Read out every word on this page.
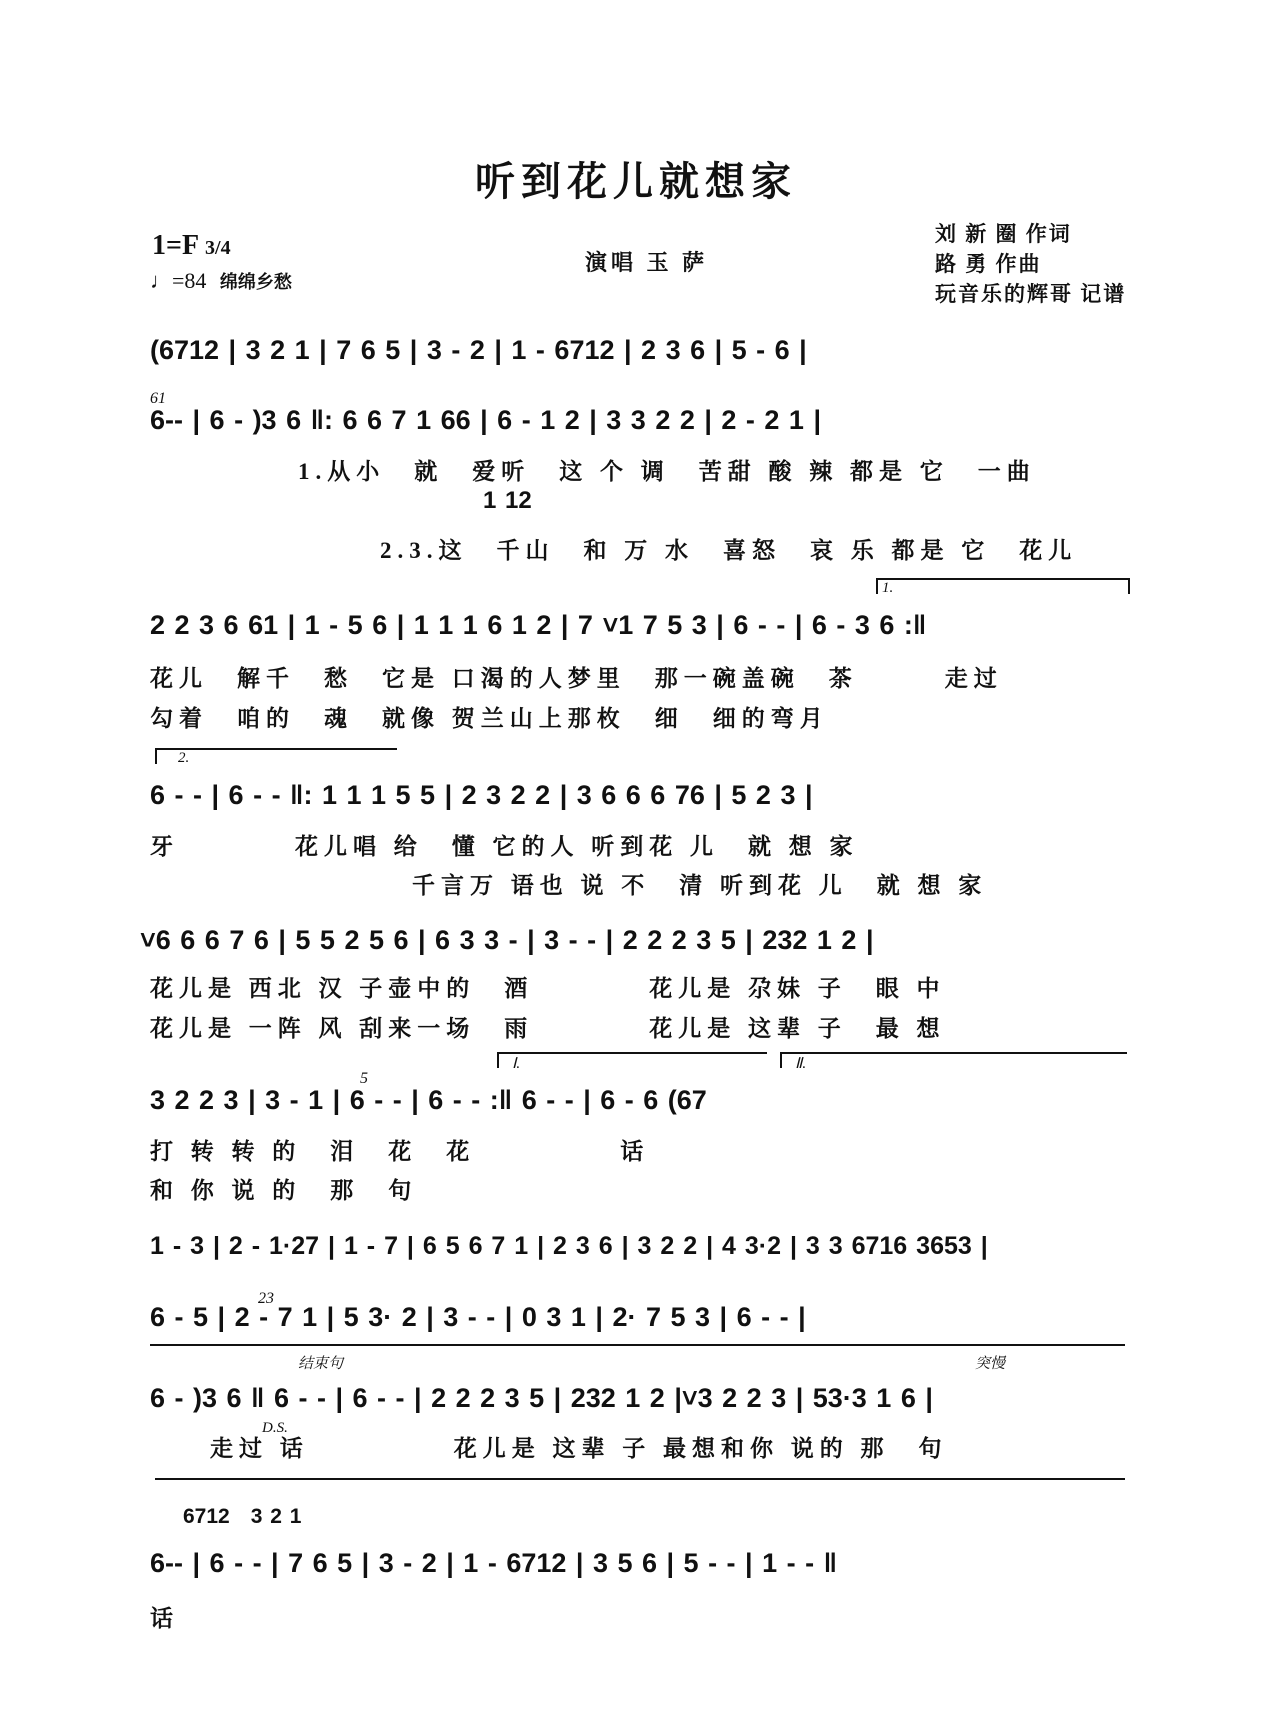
听到花儿就想家
1=F 3/4
♩=84 绵绵乡愁
演唱 玉 萨
刘 新 圈 作词
路 勇 作曲
玩音乐的辉哥 记谱
(6712 | 3 2 1 | 7 6 5 | 3 - 2 | 1 - 6712 | 2 3 6 | 5 - 6 |
61
6-- | 6 - )3 6 ‖: 6 6 7 1 66 | 6 - 1 2 | 3 3 2 2 | 2 - 2 1 |
1.从小　就　爱听　这 个 调　苦甜 酸 辣 都是 它　一曲
1 12
2.3.这　千山　和 万 水　喜怒　哀 乐 都是 它　花儿
1.
2 2 3 6 61 | 1 - 5 6 | 1 1 1 6 1 2 | 7 ˅1 7 5 3 | 6 - - | 6 - 3 6 :‖
花儿　解千　愁　它是 口渴的人梦里　那一碗盖碗　茶　　　走过
勾着　咱的　魂　就像 贺兰山上那枚　细　细的弯月
2.
6 - - | 6 - - ‖: 1 1 1 5 5 | 2 3 2 2 | 3 6 6 6 76 | 5 2 3 |
牙　　　　花儿唱 给　懂 它的人 听到花 儿　就 想 家
千言万 语也 说 不　清 听到花 儿　就 想 家
˅6 6 6 7 6 | 5 5 2 5 6 | 6 3 3 - | 3 - - | 2 2 2 3 5 | 232 1 2 |
花儿是 西北 汉 子壶中的　酒　　　　花儿是 尕妹 子　眼 中
花儿是 一阵 风 刮来一场　雨　　　　花儿是 这辈 子　最 想
Ⅰ.	Ⅱ.
5
3 2 2 3 | 3 - 1 | 6 - - | 6 - - :‖ 6 - - | 6 - 6 (67
打 转 转 的　泪　花　花　　　　　话
和 你 说 的　那　句
1 - 3 | 2 - 1·27 | 1 - 7 | 6 5 6 7 1 | 2 3 6 | 3 2 2 | 4 3·2 | 3 3 6716 3653 |
23
6 - 5 | 2 - 7 1 | 5 3· 2 | 3 - - | 0 3 1 | 2· 7 5 3 | 6 - - |
结束句	突慢
6 - )3 6 ‖ 6 - - | 6 - - | 2 2 2 3 5 | 232 1 2 |˅3 2 2 3 | 53·3 1 6 |
D.S.
走过 话　　　　　花儿是 这辈 子 最想和你 说的 那　句
6712　3 2 1
6-- | 6 - - | 7 6 5 | 3 - 2 | 1 - 6712 | 3 5 6 | 5 - - | 1 - - ‖
话
